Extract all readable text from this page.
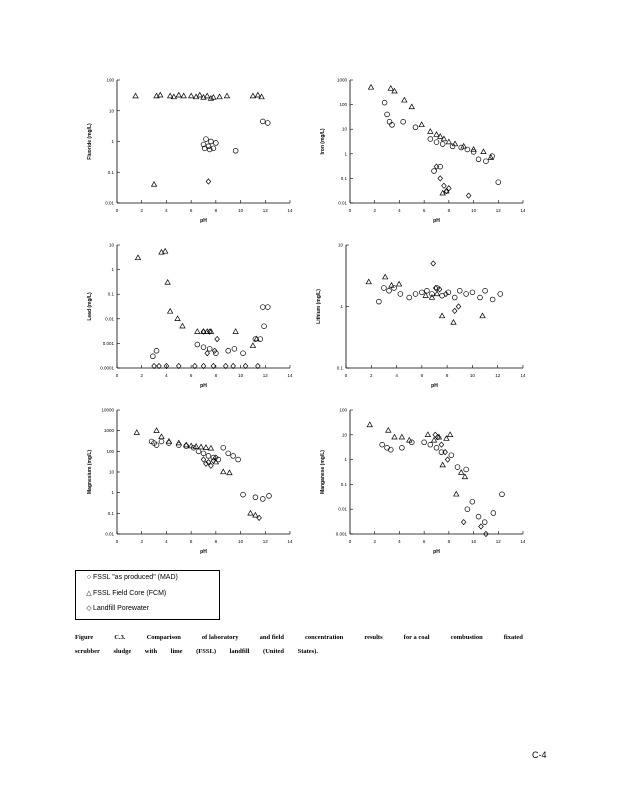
0.01
0.1
1
10
100
0	2	4	6	8	10	12	14
pH
Fluoride (mg/L)
0.01
0.1
1
10
100
1000
0	2	4	6	8	10	12	14
pH
Iron (mg/L)
0.0001
0.001
0.01
0.1
1
10
0	2	4	6	8	10	12	14
pH
Lead (mg/L)
0.1
1
10
0	2	4	6	8	10	12	14
pH
Lithium (mg/L)
0.01
0.1
1
10
100
1000
10000
0	2	4	6	8	10	12	14
pH
Magnesium (mg/L)
0.001
0.01
0.1
1
10
100
0	2	4	6	8	10	12	14
pH
Manganese (mg/L)
○ FSSL "as produced" (MAD)
△FSSL Field Core (FCM)
◇Landfill Porewater
Figure	C.3.	Comparison	of laboratory	and field	concentration	results	for a coal	combustion	fixated
scrubber sludge with lime (FSSL) landfill (United States).
C-4
